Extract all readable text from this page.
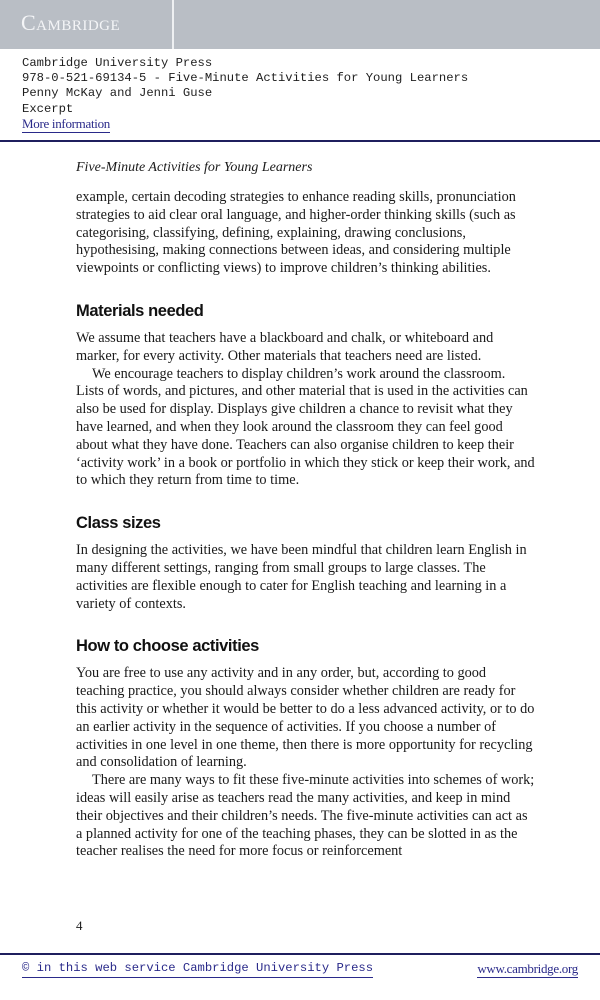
Cambridge
Cambridge University Press
978-0-521-69134-5 - Five-Minute Activities for Young Learners
Penny McKay and Jenni Guse
Excerpt
More information
Five-Minute Activities for Young Learners

example, certain decoding strategies to enhance reading skills, pronunciation strategies to aid clear oral language, and higher-order thinking skills (such as categorising, classifying, defining, explaining, drawing conclusions, hypothesising, making connections between ideas, and considering multiple viewpoints or conflicting views) to improve children’s thinking abilities.

Materials needed

We assume that teachers have a blackboard and chalk, or whiteboard and marker, for every activity. Other materials that teachers need are listed.

We encourage teachers to display children’s work around the classroom. Lists of words, and pictures, and other material that is used in the activities can also be used for display. Displays give children a chance to revisit what they have learned, and when they look around the classroom they can feel good about what they have done. Teachers can also organise children to keep their ‘activity work’ in a book or portfolio in which they stick or keep their work, and to which they return from time to time.

Class sizes

In designing the activities, we have been mindful that children learn English in many different settings, ranging from small groups to large classes. The activities are flexible enough to cater for English teaching and learning in a variety of contexts.

How to choose activities

You are free to use any activity and in any order, but, according to good teaching practice, you should always consider whether children are ready for this activity or whether it would be better to do a less advanced activity, or to do an earlier activity in the sequence of activities. If you choose a number of activities in one level in one theme, then there is more opportunity for recycling and consolidation of learning.

There are many ways to fit these five-minute activities into schemes of work; ideas will easily arise as teachers read the many activities, and keep in mind their objectives and their children’s needs. The five-minute activities can act as a planned activity for one of the teaching phases, they can be slotted in as the teacher realises the need for more focus or reinforcement

4
© in this web service Cambridge University Press	www.cambridge.org
